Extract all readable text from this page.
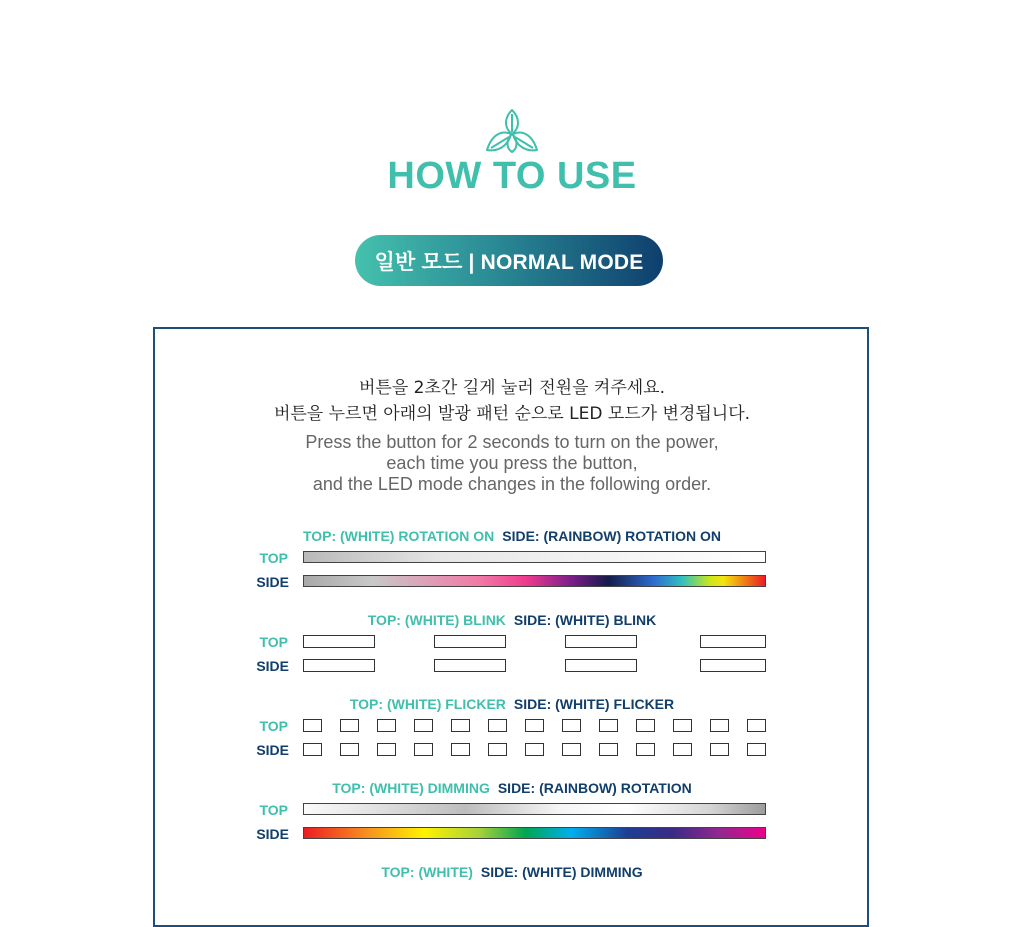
HOW TO USE
일반 모드 | NORMAL MODE
버튼을 2초간 길게 눌러 전원을 켜주세요.
버튼을 누르면 아래의 발광 패턴 순으로 LED 모드가 변경됩니다.
Press the button for 2 seconds to turn on the power,
each time you press the button,
and the LED mode changes in the following order.
TOP: (WHITE) ROTATION ON SIDE: (RAINBOW) ROTATION ON
TOP
SIDE
TOP: (WHITE) BLINK SIDE: (WHITE) BLINK
TOP
SIDE
TOP: (WHITE) FLICKER SIDE: (WHITE) FLICKER
TOP
SIDE
TOP: (WHITE) DIMMING SIDE: (RAINBOW) ROTATION
TOP
SIDE
TOP: (WHITE) SIDE: (WHITE) DIMMING
